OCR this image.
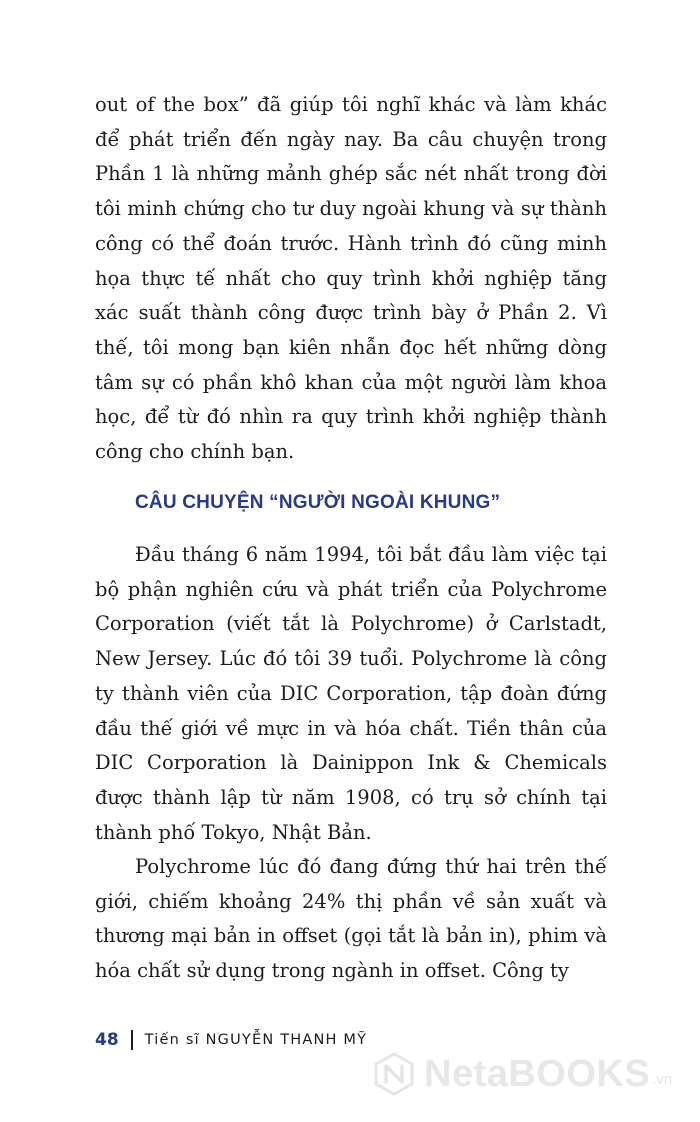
out of the box” đã giúp tôi nghĩ khác và làm khác để phát triển đến ngày nay. Ba câu chuyện trong Phần 1 là những mảnh ghép sắc nét nhất trong đời tôi minh chứng cho tư duy ngoài khung và sự thành công có thể đoán trước. Hành trình đó cũng minh họa thực tế nhất cho quy trình khởi nghiệp tăng xác suất thành công được trình bày ở Phần 2. Vì thế, tôi mong bạn kiên nhẫn đọc hết những dòng tâm sự có phần khô khan của một người làm khoa học, để từ đó nhìn ra quy trình khởi nghiệp thành công cho chính bạn.

CÂU CHUYỆN “NGƯỜI NGOÀI KHUNG”

Đầu tháng 6 năm 1994, tôi bắt đầu làm việc tại bộ phận nghiên cứu và phát triển của Polychrome Corporation (viết tắt là Polychrome) ở Carlstadt, New Jersey. Lúc đó tôi 39 tuổi. Polychrome là công ty thành viên của DIC Corporation, tập đoàn đứng đầu thế giới về mực in và hóa chất. Tiền thân của DIC Corporation là Dainippon Ink & Chemicals được thành lập từ năm 1908, có trụ sở chính tại thành phố Tokyo, Nhật Bản.

Polychrome lúc đó đang đứng thứ hai trên thế giới, chiếm khoảng 24% thị phần về sản xuất và thương mại bản in offset (gọi tắt là bản in), phim và hóa chất sử dụng trong ngành in offset. Công ty

48 Tiến sĩ NGUYỄN THANH MỸ
NetaBOOKS .vn
